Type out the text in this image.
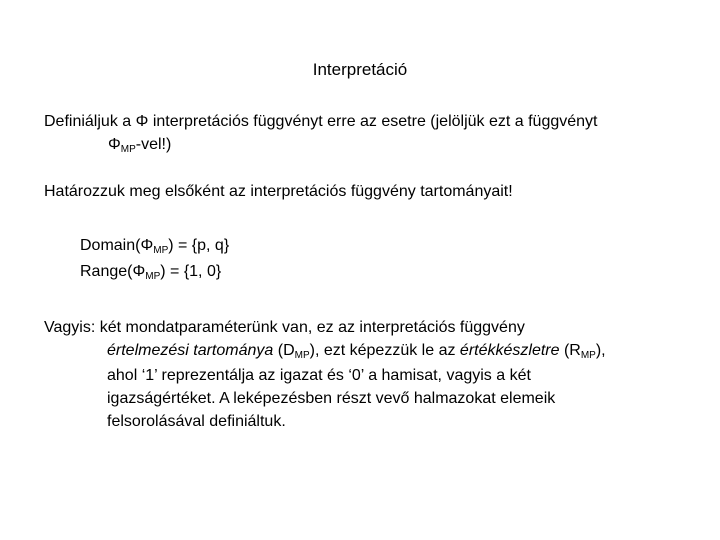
Interpretáció
Definiáljuk a Φ interpretációs függvényt erre az esetre (jelöljük ezt a függvényt
ΦMP-vel!)
Határozzuk meg elsőként az interpretációs függvény tartományait!
Domain(ΦMP) = {p, q}
Range(ΦMP) = {1, 0}
Vagyis: két mondatparaméterünk van, ez az interpretációs függvény
értelmezési tartománya (DMP), ezt képezzük le az értékkészletre (RMP),
ahol ‘1’ reprezentálja az igazat és ‘0’ a hamisat, vagyis a két
igazságértéket. A leképezésben részt vevő halmazokat elemeik
felsorolásával definiáltuk.
